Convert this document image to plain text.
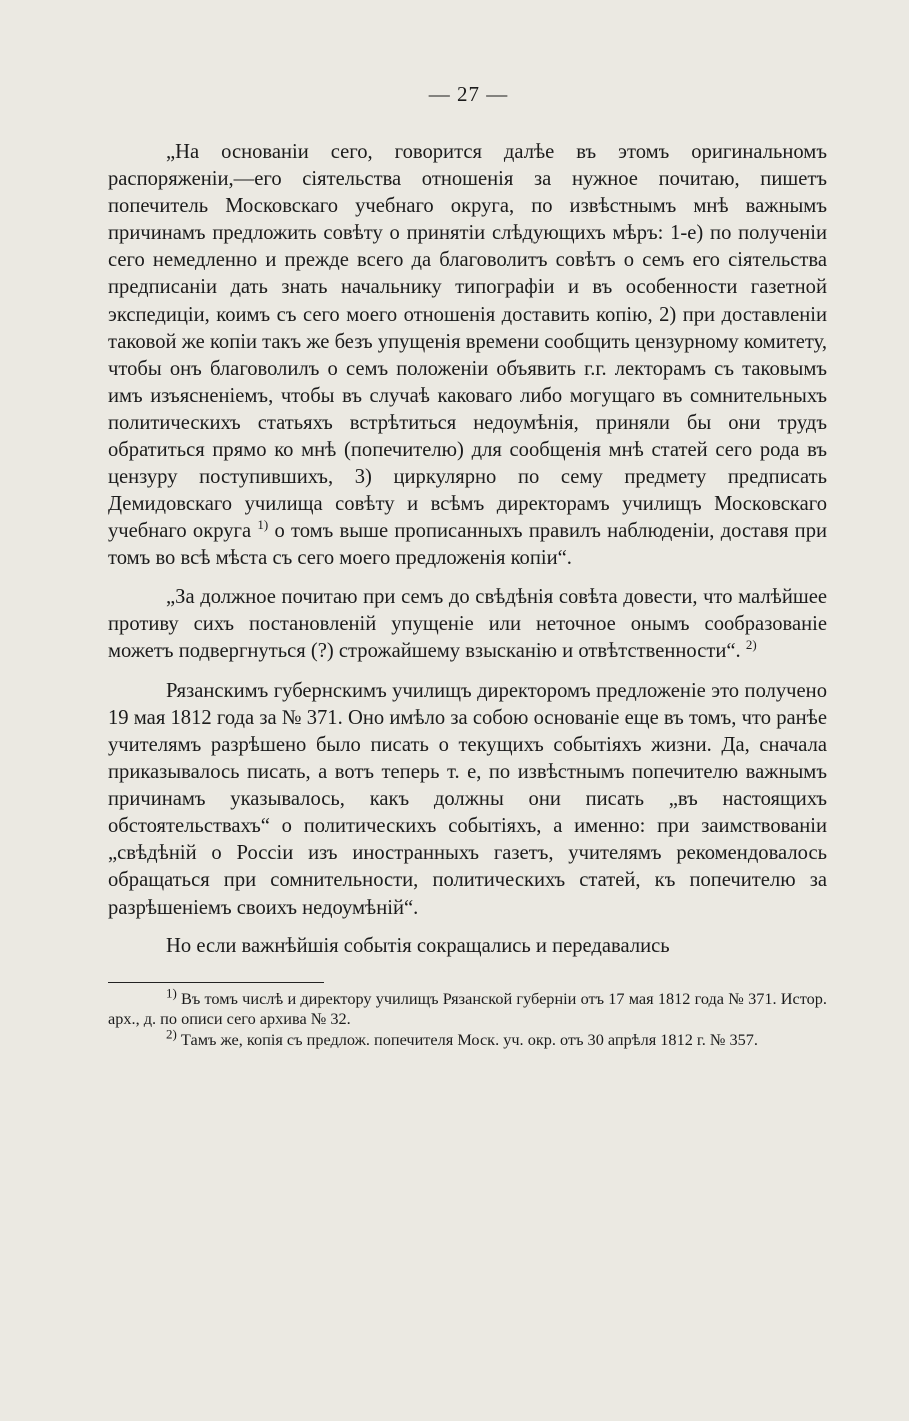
— 27 —

„На основанiи сего, говорится далѣе въ этомъ оригинальномъ распоряженiи,—его сiятельства отношенiя за нужное почитаю, пишетъ попечитель Московскаго учебнаго округа, по извѣстнымъ мнѣ важнымъ причинамъ предложить совѣту о принятiи слѣдующихъ мѣръ: 1-е) по полученiи сего немедленно и прежде всего да благоволитъ совѣтъ о семъ его сiятельства предписанiи дать знать начальнику типографiи и въ особенности газетной экспедицiи, коимъ съ сего моего отношенiя доставить копiю, 2) при доставленiи таковой же копiи такъ же безъ упущенiя времени сообщить цензурному комитету, чтобы онъ благоволилъ о семъ положенiи объявить г.г. лекторамъ съ таковымъ имъ изъясненiемъ, чтобы въ случаѣ каковаго либо могущаго въ сомнительныхъ политическихъ статьяхъ встрѣтиться недоумѣнiя, приняли бы они трудъ обратиться прямо ко мнѣ (попечителю) для сообщенiя мнѣ статей сего рода въ цензуру поступившихъ, 3) циркулярно по сему предмету предписать Демидовскаго училища совѣту и всѣмъ директорамъ училищъ Московскаго учебнаго округа $^{1)}$ о томъ выше прописанныхъ правилъ наблюденiи, доставя при томъ во всѣ мѣста съ сего моего предложенiя копiи“.

„За должное почитаю при семъ до свѣдѣнiя совѣта довести, что малѣйшее противу сихъ постановленiй упущенiе или неточное онымъ сообразованiе можетъ подвергнуться (?) строжайшему взысканiю и отвѣтственности“. $^{2)}$

Рязанскимъ губернскимъ училищъ директоромъ предложенiе это получено 19 мая 1812 года за № 371. Оно имѣло за собою основанiе еще въ томъ, что ранѣе учителямъ разрѣшено было писать о текущихъ событiяхъ жизни. Да, сначала приказывалось писать, а вотъ теперь т. е, по извѣстнымъ попечителю важнымъ причинамъ указывалось, какъ должны они писать „въ настоящихъ обстоятельствахъ“ о политическихъ событiяхъ, а именно: при заимствованiи „свѣдѣнiй о Россiи изъ иностранныхъ газетъ, учителямъ рекомендовалось обращаться при сомнительности, политическихъ статей, къ попечителю за разрѣшенiемъ своихъ недоумѣнiй“.

Но если важнѣйшiя событiя сокращались и передавались

$^{1)}$ Въ томъ числѣ и директору училищъ Рязанской губернiи отъ 17 мая 1812 года № 371. Истор. арх., д. по описи сего архива № 32.

$^{2)}$ Тамъ же, копiя съ предлож. попечителя Моск. уч. окр. отъ 30 апрѣля 1812 г. № 357.
